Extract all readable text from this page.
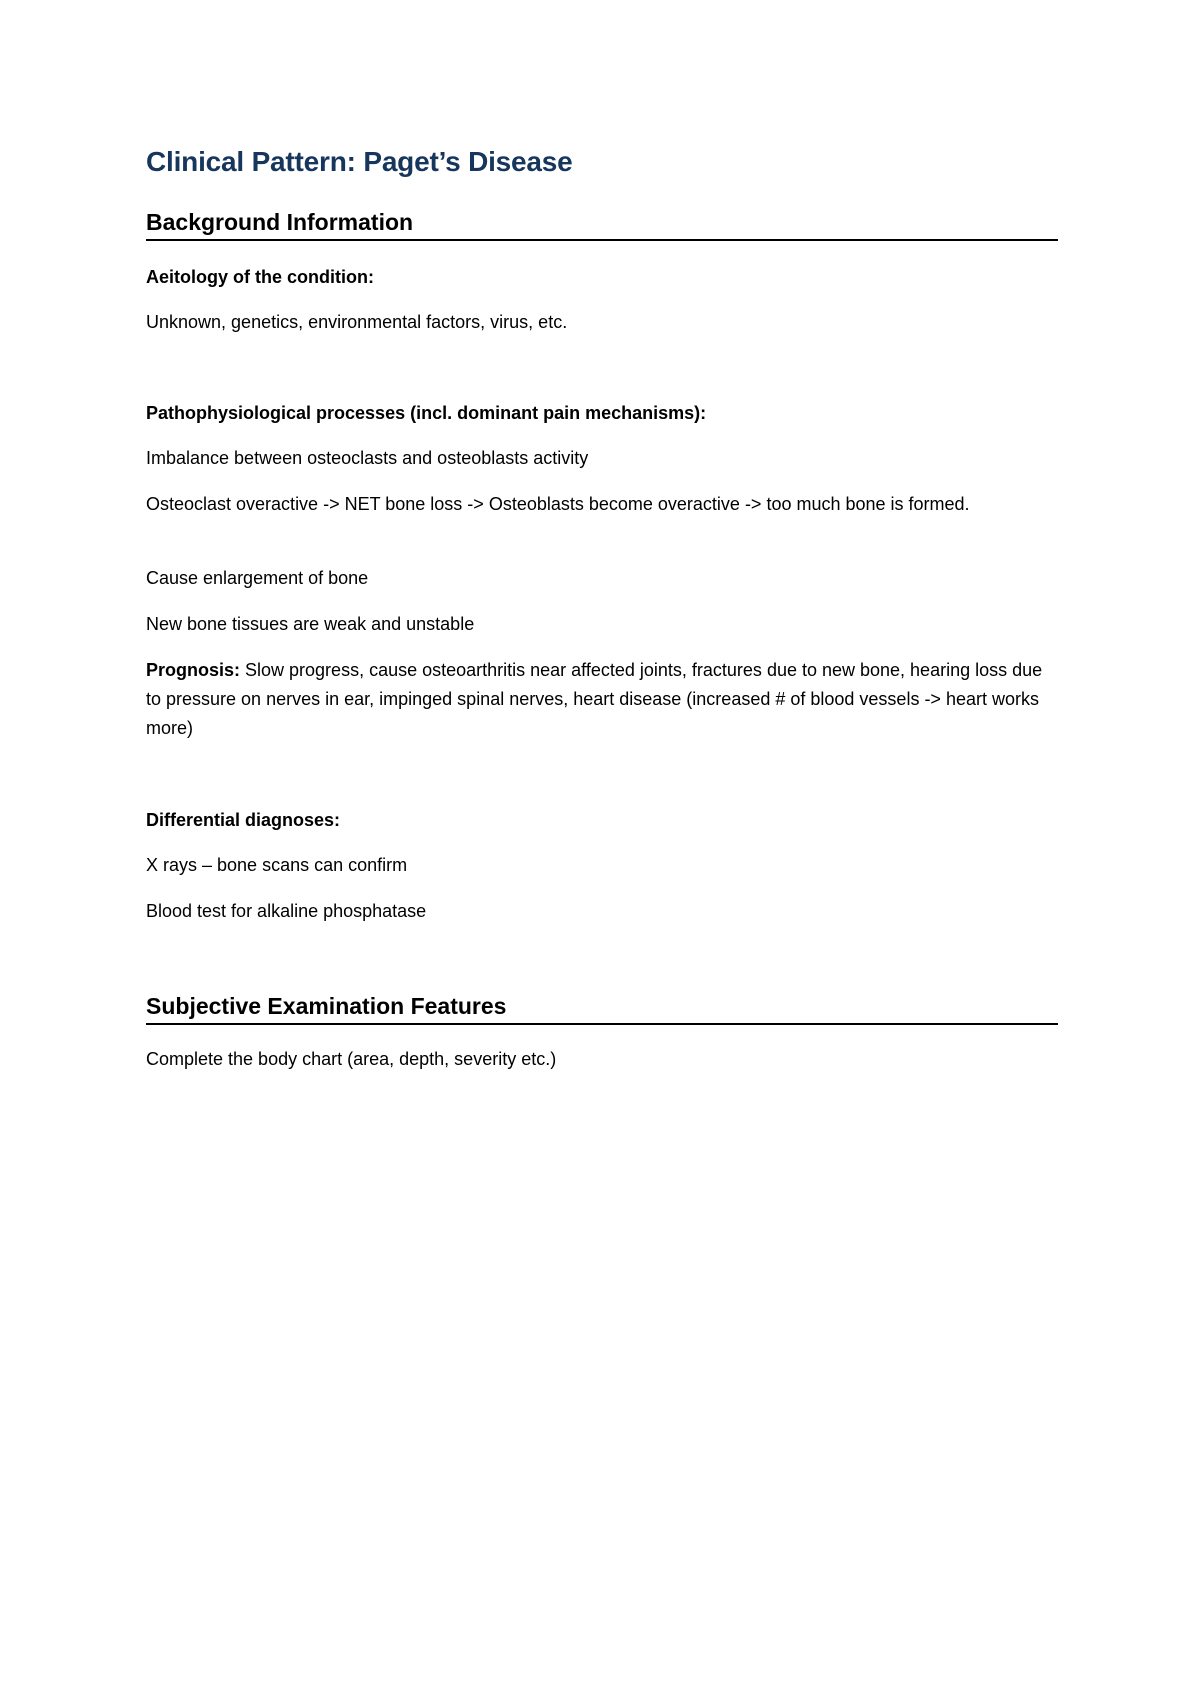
Clinical Pattern: Paget’s Disease
Background Information

Aeitology of the condition:

Unknown, genetics, environmental factors, virus, etc.

Pathophysiological processes (incl. dominant pain mechanisms):

Imbalance between osteoclasts and osteoblasts activity

Osteoclast overactive -> NET bone loss -> Osteoblasts become overactive -> too much bone is formed.

Cause enlargement of bone

New bone tissues are weak and unstable

Prognosis: Slow progress, cause osteoarthritis near affected joints, fractures due to new bone, hearing loss due to pressure on nerves in ear, impinged spinal nerves, heart disease (increased # of blood vessels -> heart works more)

Differential diagnoses:

X rays – bone scans can confirm

Blood test for alkaline phosphatase

Subjective Examination Features

Complete the body chart (area, depth, severity etc.)
